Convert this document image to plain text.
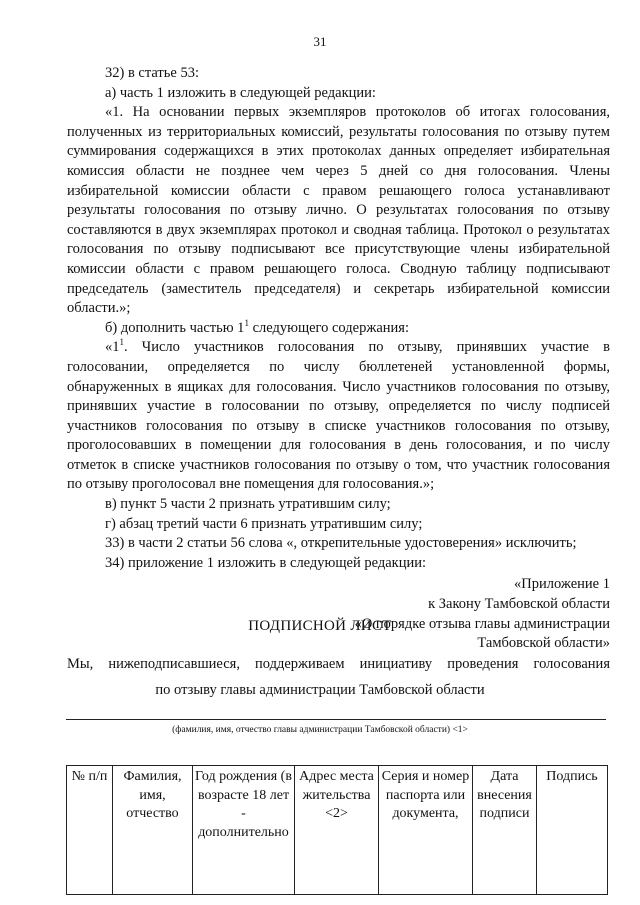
31

32) в статье 53:

а) часть 1 изложить в следующей редакции:

«1. На основании первых экземпляров протоколов об итогах голосования, полученных из территориальных комиссий, результаты голосования по отзыву путем суммирования содержащихся в этих протоколах данных определяет избирательная комиссия области не позднее чем через 5 дней со дня голосования. Члены избирательной комиссии области с правом решающего голоса устанавливают результаты голосования по отзыву лично. О результатах голосования по отзыву составляются в двух экземплярах протокол и сводная таблица. Протокол о результатах голосования по отзыву подписывают все присутствующие члены избирательной комиссии области с правом решающего голоса. Сводную таблицу подписывают председатель (заместитель председателя) и секретарь избирательной комиссии области.»;

б) дополнить частью $1^1$ следующего содержания:

«$1^1$. Число участников голосования по отзыву, принявших участие в голосовании, определяется по числу бюллетеней установленной формы, обнаруженных в ящиках для голосования. Число участников голосования по отзыву, принявших участие в голосовании по отзыву, определяется по числу подписей участников голосования по отзыву в списке участников голосования по отзыву, проголосовавших в помещении для голосования в день голосования, и по числу отметок в списке участников голосования по отзыву о том, что участник голосования по отзыву проголосовал вне помещения для голосования.»;

в) пункт 5 части 2 признать утратившим силу;

г) абзац третий части 6 признать утратившим силу;

33) в части 2 статьи 56 слова «, открепительные удостоверения» исключить;

34) приложение 1 изложить в следующей редакции:

«Приложение 1

к Закону Тамбовской области

«О порядке отзыва главы администрации

Тамбовской области»

ПОДПИСНОЙ ЛИСТ
Мы, нижеподписавшиеся, поддерживаем инициативу проведения голосования
по отзыву главы администрации Тамбовской области
(фамилия, имя, отчество главы администрации Тамбовской области) <1>
№ п/п	Фамилия, имя, отчество	Год рождения (в возрасте 18 лет - дополнительно	Адрес места жительства <2>	Серия и номер паспорта или документа,	Дата внесения подписи	Подпись
